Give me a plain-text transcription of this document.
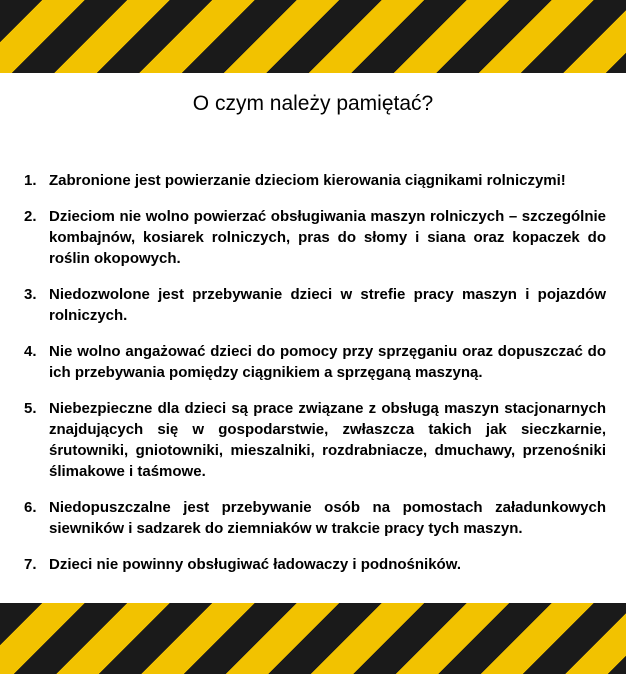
O czym należy pamiętać?
1. Zabronione jest powierzanie dzieciom kierowania ciągnikami rolniczymi!
2. Dzieciom nie wolno powierzać obsługiwania maszyn rolniczych – szczególnie kombajnów, kosiarek rolniczych, pras do słomy i siana oraz kopaczek do roślin okopowych.
3. Niedozwolone jest przebywanie dzieci w strefie pracy maszyn i pojazdów rolniczych.
4. Nie wolno angażować dzieci do pomocy przy sprzęganiu oraz dopuszczać do ich przebywania pomiędzy ciągnikiem a sprzęganą maszyną.
5. Niebezpieczne dla dzieci są prace związane z obsługą maszyn stacjonarnych znajdujących się w gospodarstwie, zwłaszcza takich jak sieczkarnie, śrutowniki, gniotowniki, mieszalniki, rozdrabniacze, dmuchawy, przenośniki ślimakowe i taśmowe.
6. Niedopuszczalne jest przebywanie osób na pomostach załadunkowych siewników i sadzarek do ziemniaków w trakcie pracy tych maszyn.
7. Dzieci nie powinny obsługiwać ładowaczy i podnośników.
